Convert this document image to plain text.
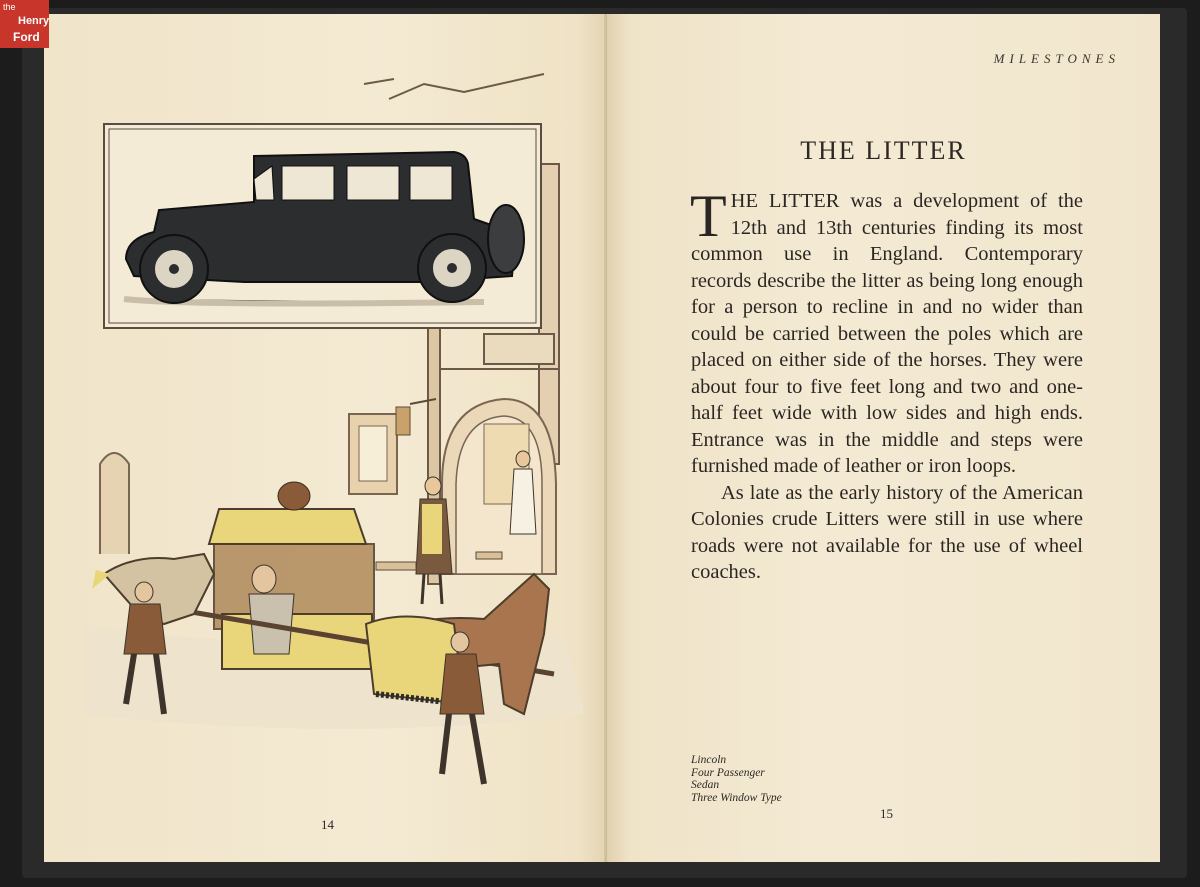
14
MILESTONES
THE LITTER

THE LITTER was a development of the 12th and 13th centuries finding its most common use in England. Contemporary records describe the litter as being long enough for a person to recline in and no wider than could be carried between the poles which are placed on either side of the horses. They were about four to five feet long and two and one-half feet wide with low sides and high ends. Entrance was in the middle and steps were furnished made of leather or iron loops.

As late as the early history of the American Colonies crude Litters were still in use where roads were not available for the use of wheel coaches.

Lincoln
Four Passenger
Sedan
Three Window Type
15
the
Henry
Ford
